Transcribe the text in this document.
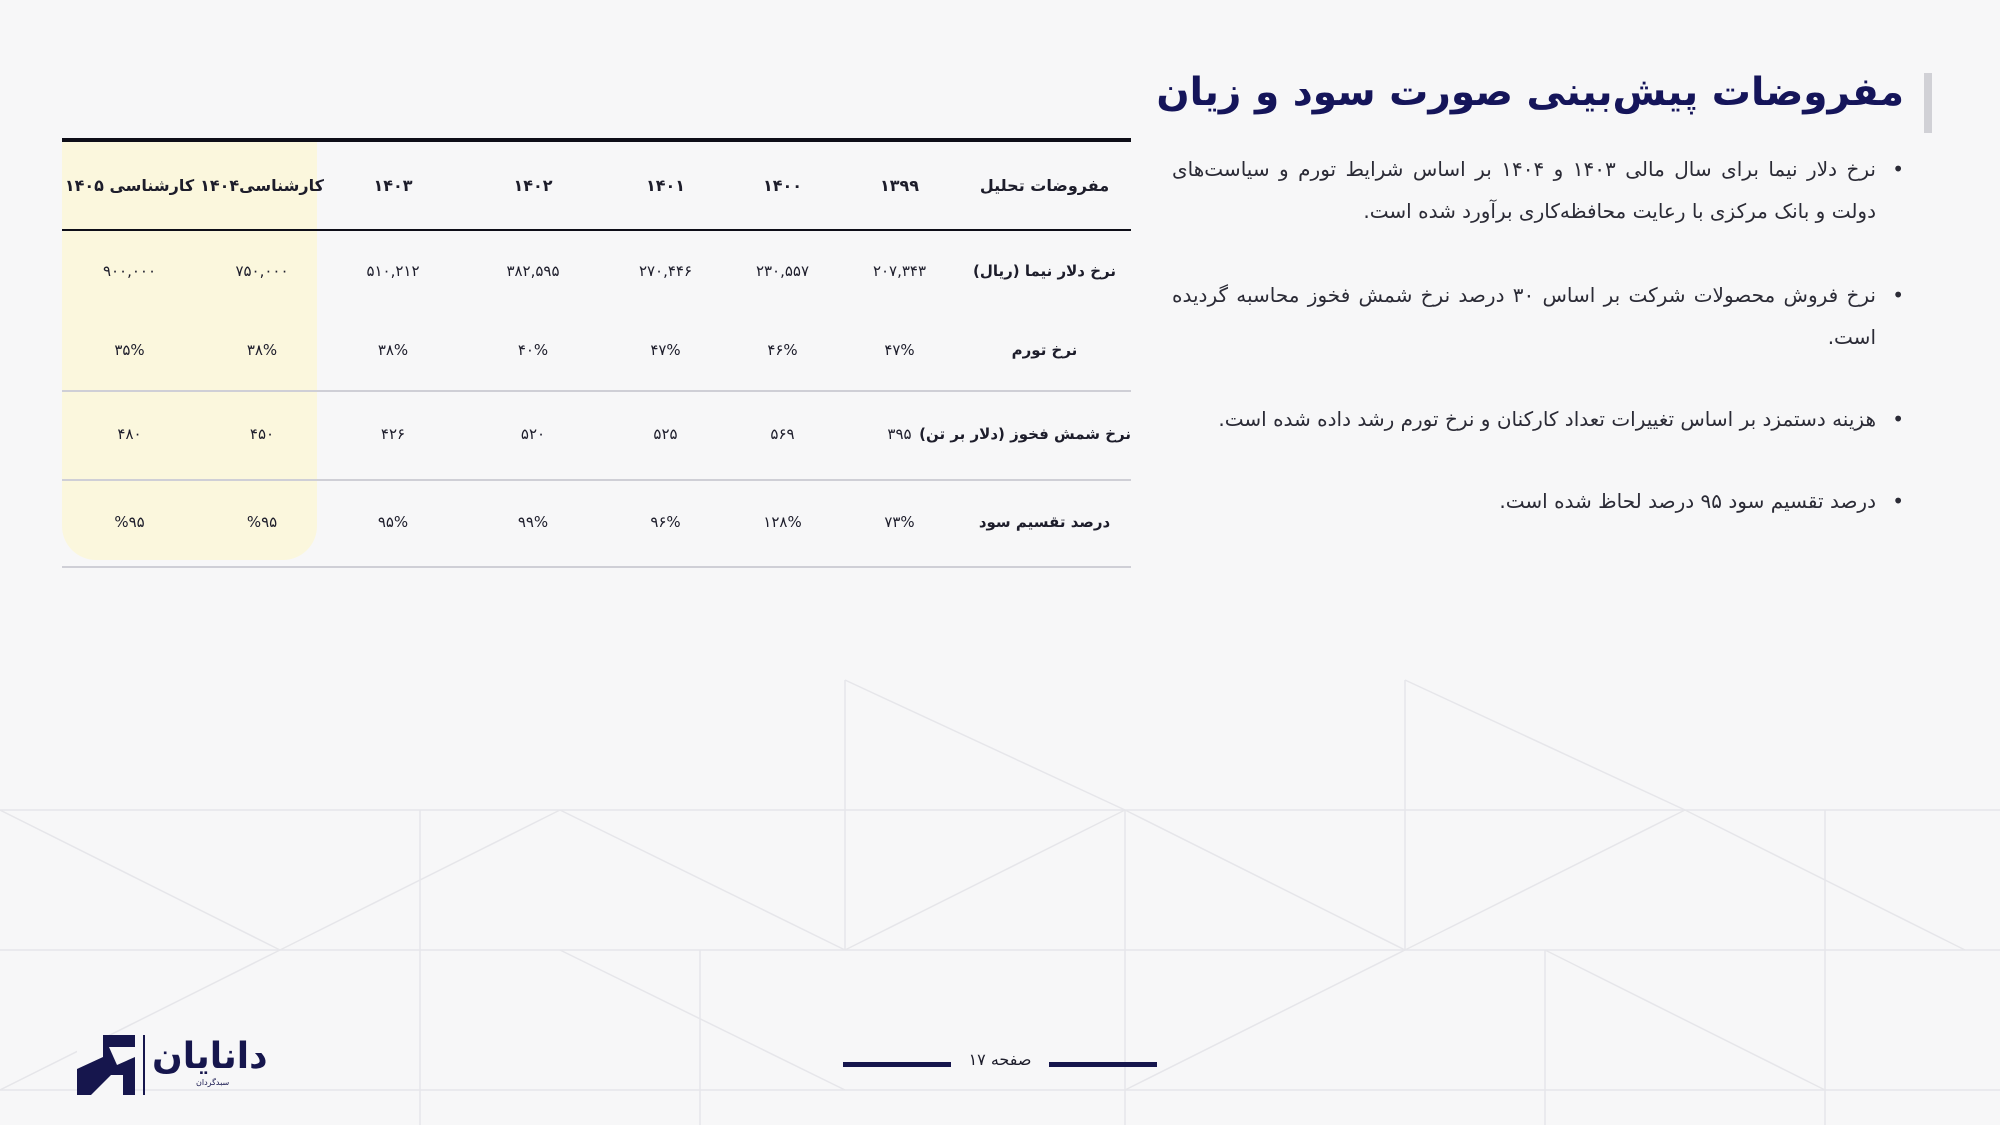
مفروضات پیش‌بینی صورت سود و زیان
• نرخ دلار نیما برای سال مالی ۱۴۰۳ و ۱۴۰۴ بر اساس شرایط تورم و سیاست‌های دولت و بانک مرکزی با رعایت محافظه‌کاری برآورد شده است.
• نرخ فروش محصولات شرکت بر اساس ۳۰ درصد نرخ شمش فخوز محاسبه گردیده است.
• هزینه دستمزد بر اساس تغییرات تعداد کارکنان و نرخ تورم رشد داده شده است.
• درصد تقسیم سود ۹۵ درصد لحاظ شده است.
مفروضات تحلیل	۱۳۹۹	۱۴۰۰	۱۴۰۱	۱۴۰۲	۱۴۰۳	کارشناسی۱۴۰۴	کارشناسی ۱۴۰۵
نرخ دلار نیما (ریال)	۲۰۷,۳۴۳	۲۳۰,۵۵۷	۲۷۰,۴۴۶	۳۸۲,۵۹۵	۵۱۰,۲۱۲	۷۵۰,۰۰۰	۹۰۰,۰۰۰
نرخ تورم	۴۷%	۴۶%	۴۷%	۴۰%	۳۸%	۳۸%	۳۵%
نرخ شمش فخوز (دلار بر تن)	۳۹۵	۵۶۹	۵۲۵	۵۲۰	۴۲۶	۴۵۰	۴۸۰
درصد تقسیم سود	۷۳%	۱۲۸%	۹۶%	۹۹%	۹۵%	%۹۵	%۹۵
صفحه ۱۷
دانایان
سبدگردان
